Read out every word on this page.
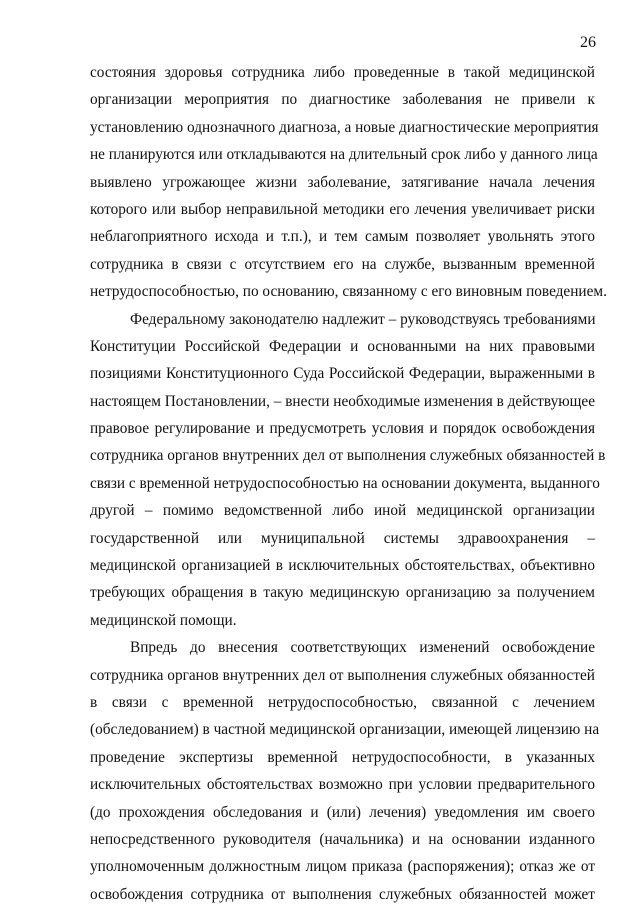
26
состояния здоровья сотрудника либо проведенные в такой медицинской
организации мероприятия по диагностике заболевания не привели к
установлению однозначного диагноза, а новые диагностические мероприятия
не планируются или откладываются на длительный срок либо у данного лица
выявлено угрожающее жизни заболевание, затягивание начала лечения
которого или выбор неправильной методики его лечения увеличивает риски
неблагоприятного исхода и т.п.), и тем самым позволяет увольнять этого
сотрудника в связи с отсутствием его на службе, вызванным временной
нетрудоспособностью, по основанию, связанному с его виновным поведением.
Федеральному законодателю надлежит – руководствуясь требованиями
Конституции Российской Федерации и основанными на них правовыми
позициями Конституционного Суда Российской Федерации, выраженными в
настоящем Постановлении, – внести необходимые изменения в действующее
правовое регулирование и предусмотреть условия и порядок освобождения
сотрудника органов внутренних дел от выполнения служебных обязанностей в
связи с временной нетрудоспособностью на основании документа, выданного
другой – помимо ведомственной либо иной медицинской организации
государственной или муниципальной системы здравоохранения –
медицинской организацией в исключительных обстоятельствах, объективно
требующих обращения в такую медицинскую организацию за получением
медицинской помощи.
Впредь до внесения соответствующих изменений освобождение
сотрудника органов внутренних дел от выполнения служебных обязанностей
в связи с временной нетрудоспособностью, связанной с лечением
(обследованием) в частной медицинской организации, имеющей лицензию на
проведение экспертизы временной нетрудоспособности, в указанных
исключительных обстоятельствах возможно при условии предварительного
(до прохождения обследования и (или) лечения) уведомления им своего
непосредственного руководителя (начальника) и на основании изданного
уполномоченным должностным лицом приказа (распоряжения); отказ же от
освобождения сотрудника от выполнения служебных обязанностей может
